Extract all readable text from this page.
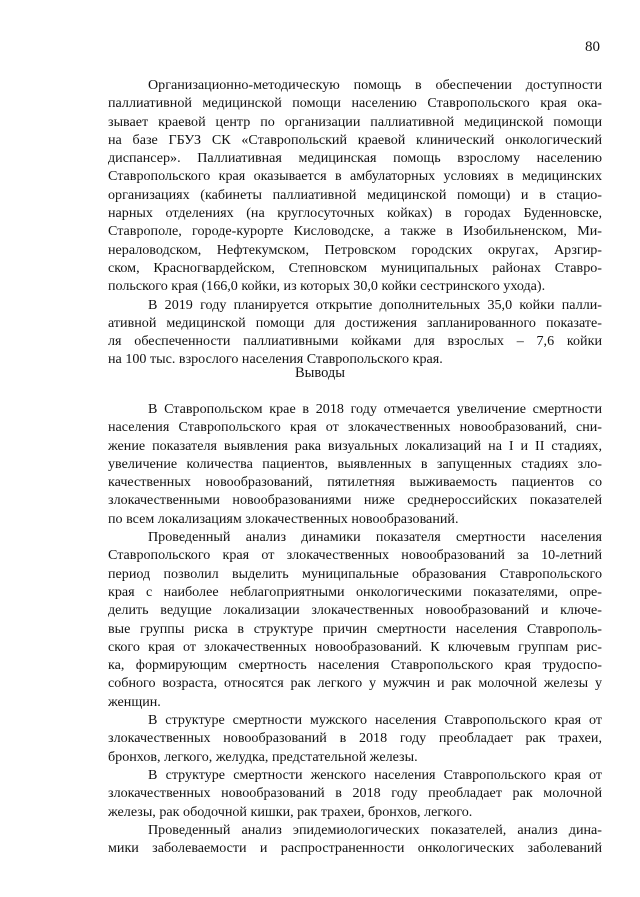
80
Организационно-методическую помощь в обеспечении доступности
паллиативной медицинской помощи населению Ставропольского края ока-
зывает краевой центр по организации паллиативной медицинской помощи
на базе ГБУЗ СК «Ставропольский краевой клинический онкологический
диспансер». Паллиативная медицинская помощь взрослому населению
Ставропольского края оказывается в амбулаторных условиях в медицинских
организациях (кабинеты паллиативной медицинской помощи) и в стацио-
нарных отделениях (на круглосуточных койках) в городах Буденновске,
Ставрополе, городе-курорте Кисловодске, а также в Изобильненском, Ми-
нераловодском, Нефтекумском, Петровском городских округах, Арзгир-
ском, Красногвардейском, Степновском муниципальных районах Ставро-
польского края (166,0 койки, из которых 30,0 койки сестринского ухода).
В 2019 году планируется открытие дополнительных 35,0 койки палли-
ативной медицинской помощи для достижения запланированного показате-
ля обеспеченности паллиативными койками для взрослых – 7,6 койки
на 100 тыс. взрослого населения Ставропольского края.
Выводы
В Ставропольском крае в 2018 году отмечается увеличение смертности
населения Ставропольского края от злокачественных новообразований, сни-
жение показателя выявления рака визуальных локализаций на I и II стадиях,
увеличение количества пациентов, выявленных в запущенных стадиях зло-
качественных новообразований, пятилетняя выживаемость пациентов со
злокачественными новообразованиями ниже среднероссийских показателей
по всем локализациям злокачественных новообразований.
Проведенный анализ динамики показателя смертности населения
Ставропольского края от злокачественных новообразований за 10-летний
период позволил выделить муниципальные образования Ставропольского
края с наиболее неблагоприятными онкологическими показателями, опре-
делить ведущие локализации злокачественных новообразований и ключе-
вые группы риска в структуре причин смертности населения Ставрополь-
ского края от злокачественных новообразований. К ключевым группам рис-
ка, формирующим смертность населения Ставропольского края трудоспо-
собного возраста, относятся рак легкого у мужчин и рак молочной железы у
женщин.
В структуре смертности мужского населения Ставропольского края от
злокачественных новообразований в 2018 году преобладает рак трахеи,
бронхов, легкого, желудка, предстательной железы.
В структуре смертности женского населения Ставропольского края от
злокачественных новообразований в 2018 году преобладает рак молочной
железы, рак ободочной кишки, рак трахеи, бронхов, легкого.
Проведенный анализ эпидемиологических показателей, анализ дина-
мики заболеваемости и распространенности онкологических заболеваний
